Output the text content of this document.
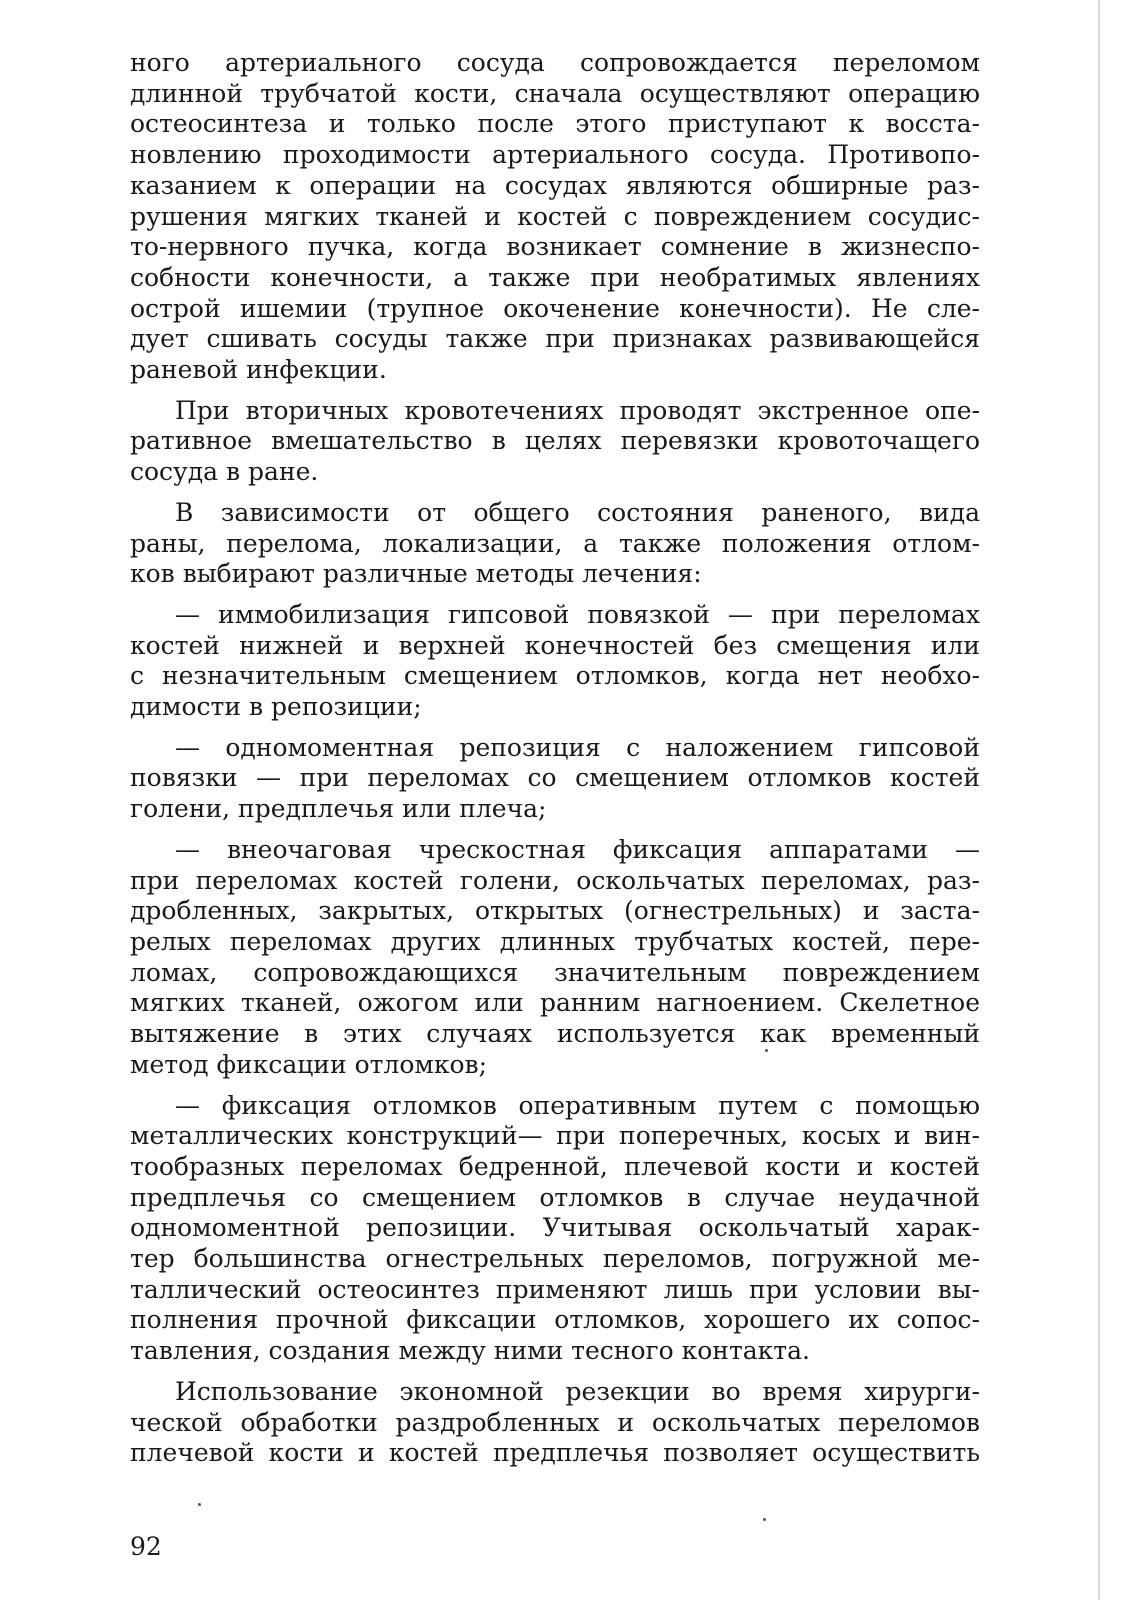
ного артериального сосуда сопровождается переломом
длинной трубчатой кости, сначала осуществляют операцию
остеосинтеза и только после этого приступают к восста-
новлению проходимости артериального сосуда. Противопо-
казанием к операции на сосудах являются обширные раз-
рушения мягких тканей и костей с повреждением сосудис-
то-нервного пучка, когда возникает сомнение в жизнеспо-
собности конечности, а также при необратимых явлениях
острой ишемии (трупное окоченение конечности). Не сле-
дует сшивать сосуды также при признаках развивающейся
раневой инфекции.
При вторичных кровотечениях проводят экстренное опе-
ративное вмешательство в целях перевязки кровоточащего
сосуда в ране.
В зависимости от общего состояния раненого, вида
раны, перелома, локализации, а также положения отлом-
ков выбирают различные методы лечения:
— иммобилизация гипсовой повязкой — при переломах
костей нижней и верхней конечностей без смещения или
с незначительным смещением отломков, когда нет необхо-
димости в репозиции;
— одномоментная репозиция с наложением гипсовой
повязки — при переломах со смещением отломков костей
голени, предплечья или плеча;
— внеочаговая чрескостная фиксация аппаратами —
при переломах костей голени, оскольчатых переломах, раз-
дробленных, закрытых, открытых (огнестрельных) и заста-
релых переломах других длинных трубчатых костей, пере-
ломах, сопровождающихся значительным повреждением
мягких тканей, ожогом или ранним нагноением. Скелетное
вытяжение в этих случаях используется как временный
метод фиксации отломков;
— фиксация отломков оперативным путем с помощью
металлических конструкций— при поперечных, косых и вин-
тообразных переломах бедренной, плечевой кости и костей
предплечья со смещением отломков в случае неудачной
одномоментной репозиции. Учитывая оскольчатый харак-
тер большинства огнестрельных переломов, погружной ме-
таллический остеосинтез применяют лишь при условии вы-
полнения прочной фиксации отломков, хорошего их сопос-
тавления, создания между ними тесного контакта.
Использование экономной резекции во время хирурги-
ческой обработки раздробленных и оскольчатых переломов
плечевой кости и костей предплечья позволяет осуществить
92
